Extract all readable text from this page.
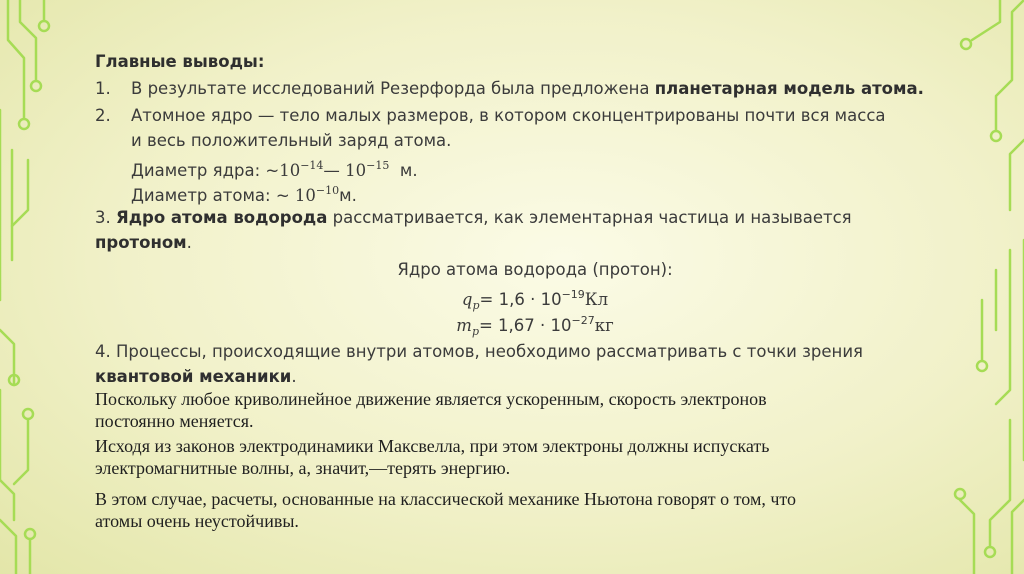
Главные выводы:
1. В результате исследований Резерфорда была предложена планетарная модель атома.
2. Атомное ядро — тело малых размеров, в котором сконцентрированы почти вся масса
и весь положительный заряд атома.
Диаметр ядра: $\sim 10^{-14}—$ $10^{-15}$ м.
Диаметр атома: ~ $10^{-10}м$.
3. Ядро атома водорода рассматривается, как элементарная частица и называется
протоном.
Ядро атома водорода (протон):
$q_p= 1,6 \cdot 10^{-19}Кл$
$m_p= 1,67 \cdot 10^{-27}кг$
4. Процессы, происходящие внутри атомов, необходимо рассматривать с точки зрения
квантовой механики.
Поскольку любое криволинейное движение является ускоренным, скорость электронов
постоянно меняется.
Исходя из законов электродинамики Максвелла, при этом электроны должны испускать
электромагнитные волны, а, значит,—терять энергию.
В этом случае, расчеты, основанные на классической механике Ньютона говорят о том, что
атомы очень неустойчивы.
